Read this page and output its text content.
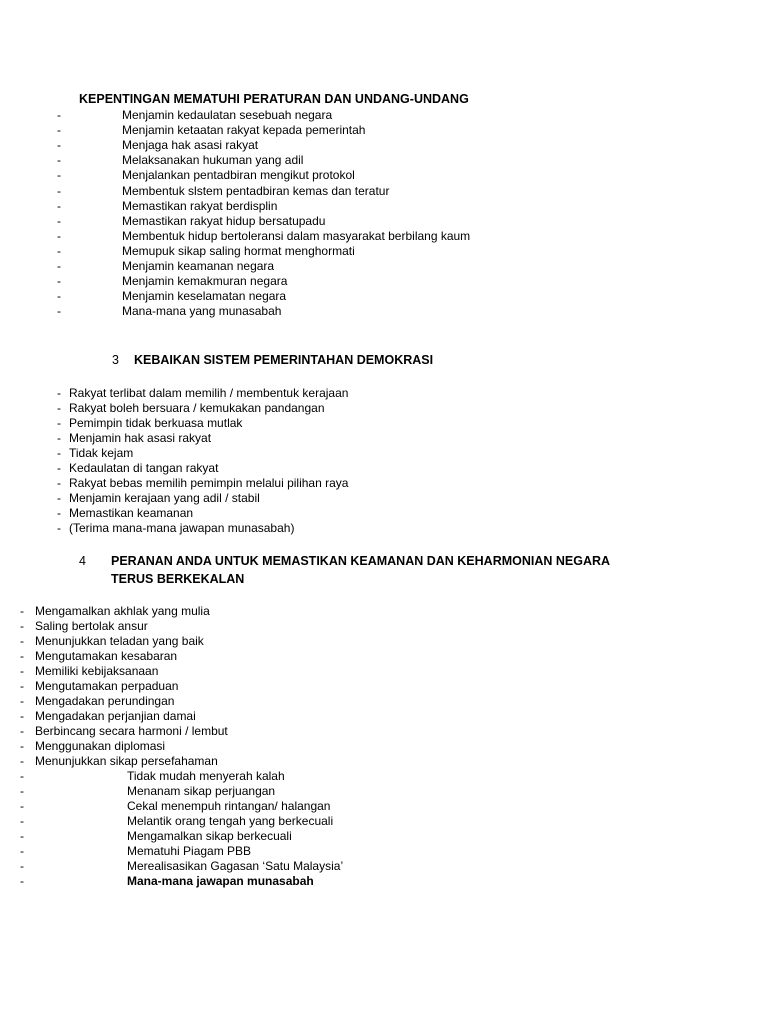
KEPENTINGAN MEMATUHI PERATURAN DAN UNDANG-UNDANG
-	Menjamin kedaulatan sesebuah negara
-	Menjamin ketaatan rakyat kepada pemerintah
-	Menjaga hak asasi rakyat
-	Melaksanakan hukuman yang adil
-	Menjalankan pentadbiran mengikut protokol
-	Membentuk slstem pentadbiran kemas dan teratur
-	Memastikan rakyat berdisplin
-	Memastikan rakyat hidup bersatupadu
-	Membentuk hidup bertoleransi dalam masyarakat berbilang kaum
-	Memupuk sikap saling hormat menghormati
-	Menjamin keamanan negara
-	Menjamin kemakmuran negara
-	Menjamin keselamatan negara
-	Mana-mana yang munasabah
3 KEBAIKAN SISTEM PEMERINTAHAN DEMOKRASI
- Rakyat terlibat dalam memilih / membentuk kerajaan
- Rakyat boleh bersuara / kemukakan pandangan
- Pemimpin tidak berkuasa mutlak
- Menjamin hak asasi rakyat
- Tidak kejam
- Kedaulatan di tangan rakyat
- Rakyat bebas memilih pemimpin melalui pilihan raya
- Menjamin kerajaan yang adil / stabil
- Memastikan keamanan
- (Terima mana-mana jawapan munasabah)
4 PERANAN ANDA UNTUK MEMASTIKAN KEAMANAN DAN KEHARMONIAN NEGARA
TERUS BERKEKALAN
- Mengamalkan akhlak yang mulia
- Saling bertolak ansur
- Menunjukkan teladan yang baik
- Mengutamakan kesabaran
- Memiliki kebijaksanaan
- Mengutamakan perpaduan
- Mengadakan perundingan
- Mengadakan perjanjian damai
- Berbincang secara harmoni / lembut
- Menggunakan diplomasi
- Menunjukkan sikap persefahaman
-	Tidak mudah menyerah kalah
-	Menanam sikap perjuangan
-	Cekal menempuh rintangan/ halangan
-	Melantik orang tengah yang berkecuali
-	Mengamalkan sikap berkecuali
-	Mematuhi Piagam PBB
-	Merealisasikan Gagasan ‘Satu Malaysia’
-	Mana-mana jawapan munasabah
